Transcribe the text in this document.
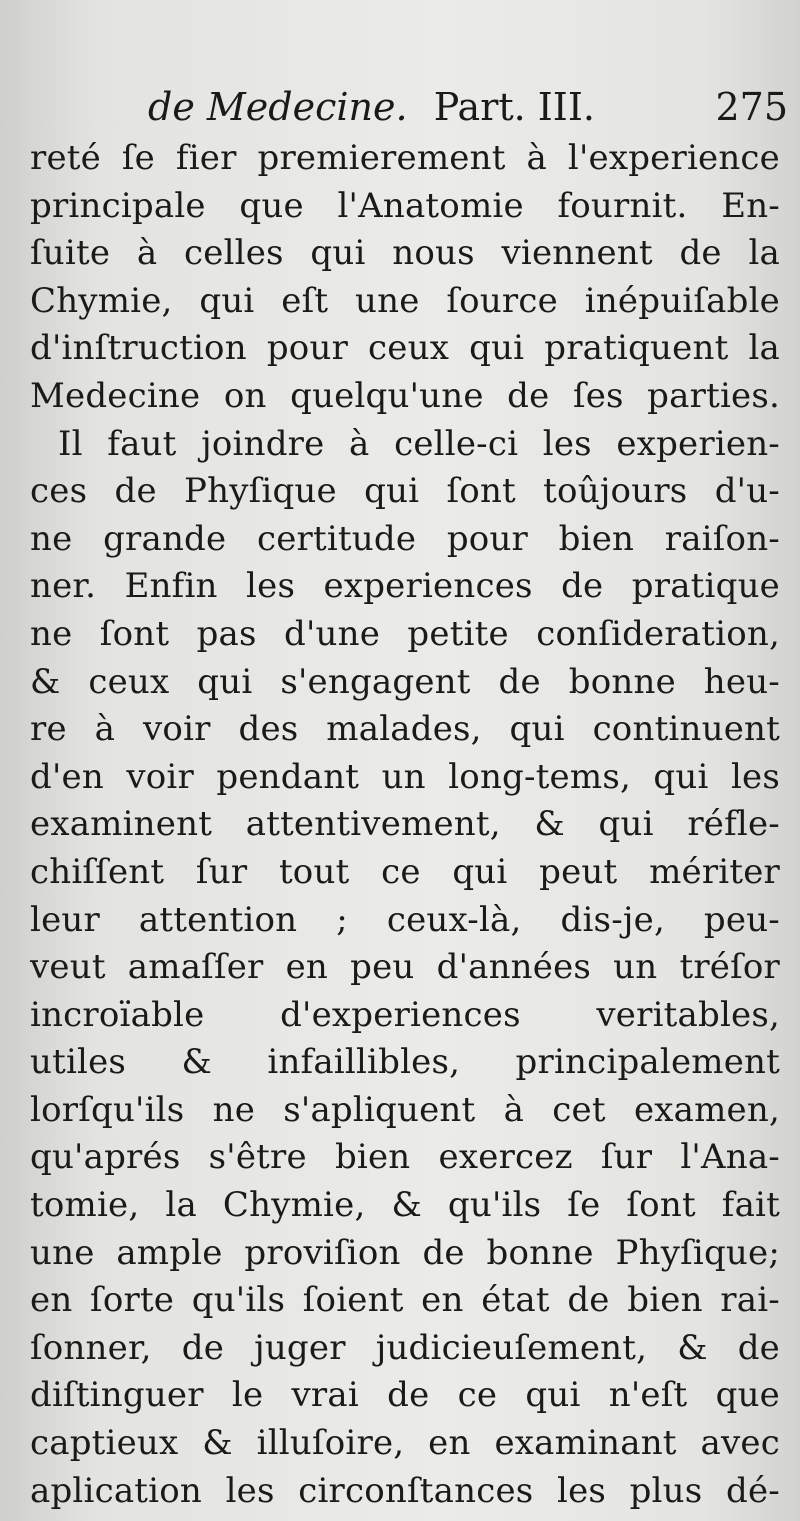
de Medecine. Part. III.	275
reté ſe fier premierement à l'experience
principale que l'Anatomie fournit. En-
ſuite à celles qui nous viennent de la
Chymie, qui eſt une ſource inépuiſable
d'inſtruction pour ceux qui pratiquent la
Medecine on quelqu'une de ſes parties.
Il faut joindre à celle-ci les experien-
ces de Phyſique qui ſont toûjours d'u-
ne grande certitude pour bien raiſon-
ner. Enfin les experiences de pratique
ne ſont pas d'une petite conſideration,
& ceux qui s'engagent de bonne heu-
re à voir des malades, qui continuent
d'en voir pendant un long-tems, qui les
examinent attentivement, & qui réfle-
chiſſent ſur tout ce qui peut mériter
leur attention ; ceux-là, dis-je, peu-
veut amaſſer en peu d'années un tréſor
incroïable d'experiences veritables,
utiles & infaillibles, principalement
lorſqu'ils ne s'apliquent à cet examen,
qu'aprés s'être bien exercez ſur l'Ana-
tomie, la Chymie, & qu'ils ſe ſont fait
une ample proviſion de bonne Phyſique;
en ſorte qu'ils ſoient en état de bien rai-
ſonner, de juger judicieuſement, & de
diſtinguer le vrai de ce qui n'eſt que
captieux & illuſoire, en examinant avec
aplication les circonſtances les plus dé-
